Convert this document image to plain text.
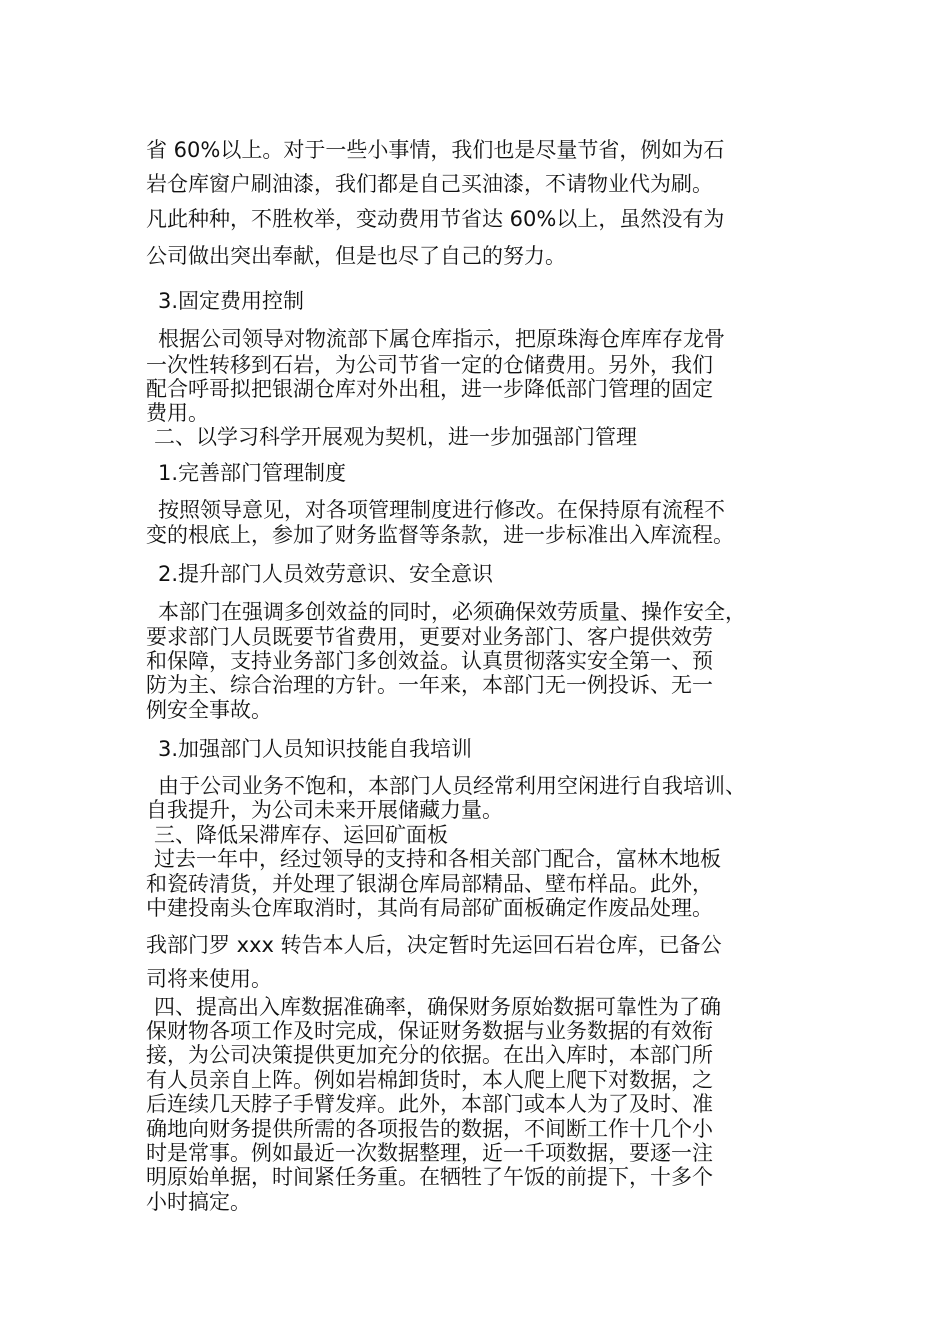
省 60%以上。对于一些小事情，我们也是尽量节省，例如为石

岩仓库窗户刷油漆，我们都是自己买油漆，不请物业代为刷。

凡此种种，不胜枚举，变动费用节省达 60%以上，虽然没有为

公司做出突出奉献，但是也尽了自己的努力。

3.固定费用控制

根据公司领导对物流部下属仓库指示，把原珠海仓库库存龙骨

一次性转移到石岩，为公司节省一定的仓储费用。另外，我们

配合呼哥拟把银湖仓库对外出租，进一步降低部门管理的固定

费用。

二、以学习科学开展观为契机，进一步加强部门管理

1.完善部门管理制度

按照领导意见，对各项管理制度进行修改。在保持原有流程不

变的根底上，参加了财务监督等条款，进一步标准出入库流程。

2.提升部门人员效劳意识、安全意识

本部门在强调多创效益的同时，必须确保效劳质量、操作安全，

要求部门人员既要节省费用，更要对业务部门、客户提供效劳

和保障，支持业务部门多创效益。认真贯彻落实安全第一、预

防为主、综合治理的方针。一年来，本部门无一例投诉、无一

例安全事故。

3.加强部门人员知识技能自我培训

由于公司业务不饱和，本部门人员经常利用空闲进行自我培训、

自我提升，为公司未来开展储藏力量。

三、降低呆滞库存、运回矿面板

过去一年中，经过领导的支持和各相关部门配合，富林木地板

和瓷砖清货，并处理了银湖仓库局部精品、壁布样品。此外，

中建投南头仓库取消时，其尚有局部矿面板确定作废品处理。

我部门罗 xxx 转告本人后，决定暂时先运回石岩仓库，已备公

司将来使用。

四、提高出入库数据准确率，确保财务原始数据可靠性为了确

保财物各项工作及时完成，保证财务数据与业务数据的有效衔

接，为公司决策提供更加充分的依据。在出入库时，本部门所

有人员亲自上阵。例如岩棉卸货时，本人爬上爬下对数据，之

后连续几天脖子手臂发痒。此外，本部门或本人为了及时、准

确地向财务提供所需的各项报告的数据，不间断工作十几个小

时是常事。例如最近一次数据整理，近一千项数据，要逐一注

明原始单据，时间紧任务重。在牺牲了午饭的前提下，十多个

小时搞定。
